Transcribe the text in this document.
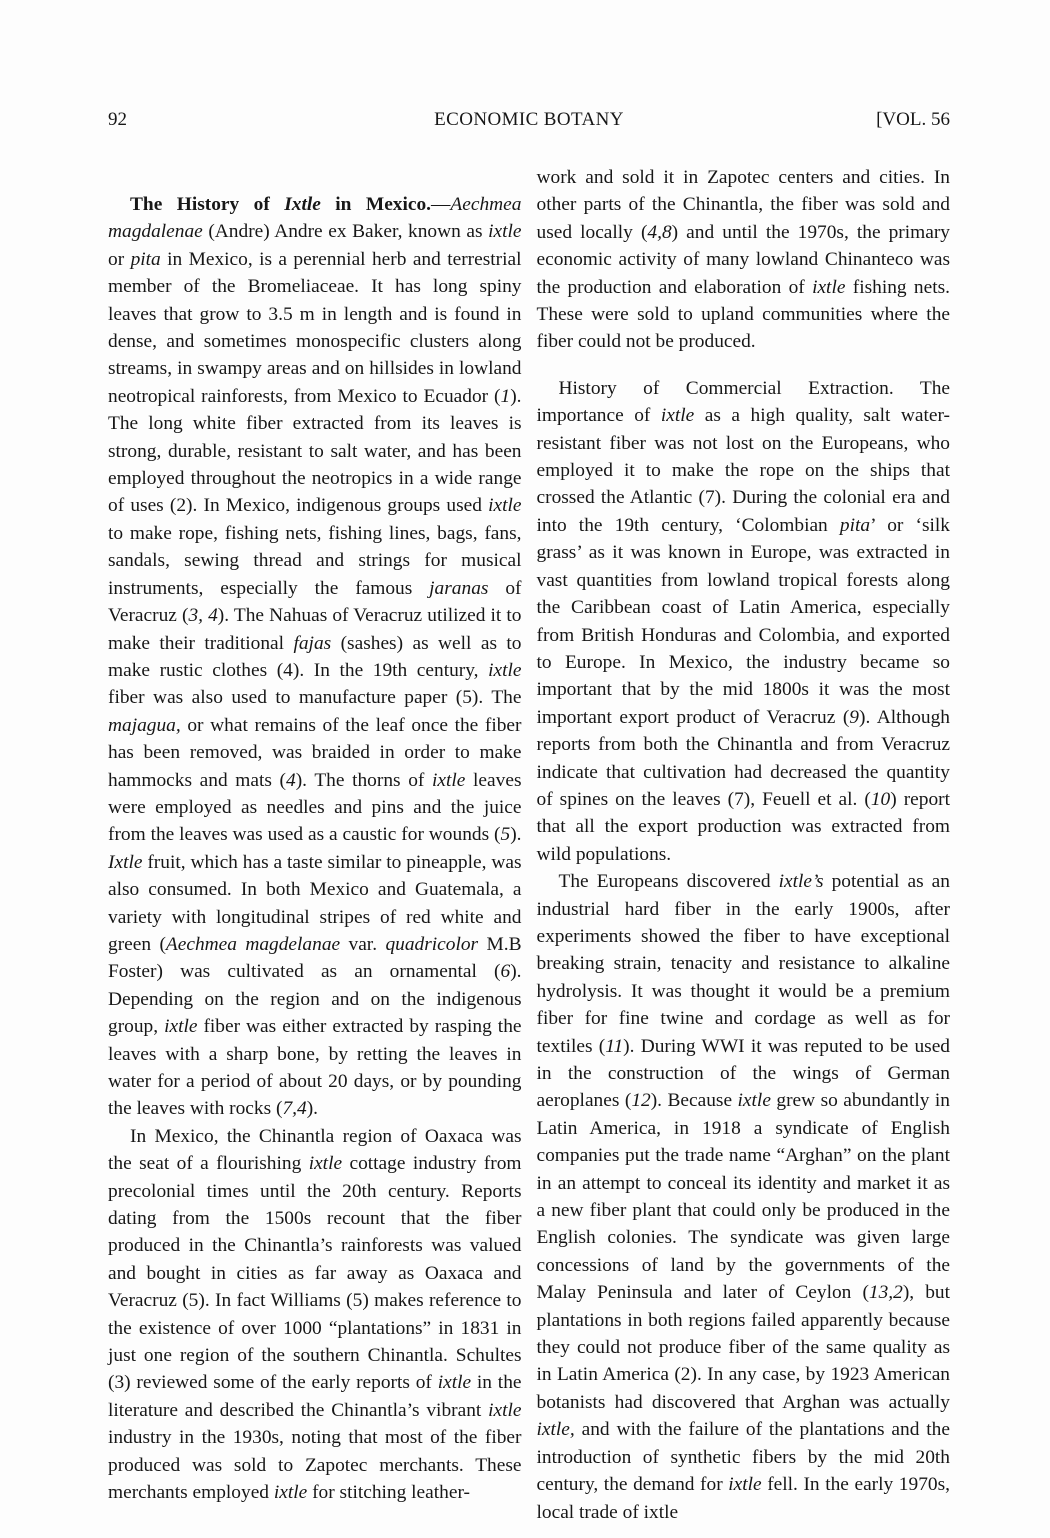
92	ECONOMIC BOTANY	[VOL. 56

The History of Ixtle in Mexico.—Aechmea magdalenae (Andre) Andre ex Baker, known as ixtle or pita in Mexico, is a perennial herb and terrestrial member of the Bromeliaceae. It has long spiny leaves that grow to 3.5 m in length and is found in dense, and sometimes monospecific clusters along streams, in swampy areas and on hillsides in lowland neotropical rainforests, from Mexico to Ecuador (1). The long white fiber extracted from its leaves is strong, durable, resistant to salt water, and has been employed throughout the neotropics in a wide range of uses (2). In Mexico, indigenous groups used ixtle to make rope, fishing nets, fishing lines, bags, fans, sandals, sewing thread and strings for musical instruments, especially the famous jaranas of Veracruz (3, 4). The Nahuas of Veracruz utilized it to make their traditional fajas (sashes) as well as to make rustic clothes (4). In the 19th century, ixtle fiber was also used to manufacture paper (5). The majagua, or what remains of the leaf once the fiber has been removed, was braided in order to make hammocks and mats (4). The thorns of ixtle leaves were employed as needles and pins and the juice from the leaves was used as a caustic for wounds (5). Ixtle fruit, which has a taste similar to pineapple, was also consumed. In both Mexico and Guatemala, a variety with longitudinal stripes of red white and green (Aechmea magdelanae var. quadricolor M.B Foster) was cultivated as an ornamental (6). Depending on the region and on the indigenous group, ixtle fiber was either extracted by rasping the leaves with a sharp bone, by retting the leaves in water for a period of about 20 days, or by pounding the leaves with rocks (7,4).

In Mexico, the Chinantla region of Oaxaca was the seat of a flourishing ixtle cottage industry from precolonial times until the 20th century. Reports dating from the 1500s recount that the fiber produced in the Chinantla’s rainforests was valued and bought in cities as far away as Oaxaca and Veracruz (5). In fact Williams (5) makes reference to the existence of over 1000 “plantations” in 1831 in just one region of the southern Chinantla. Schultes (3) reviewed some of the early reports of ixtle in the literature and described the Chinantla’s vibrant ixtle industry in the 1930s, noting that most of the fiber produced was sold to Zapotec merchants. These merchants employed ixtle for stitching leather-

work and sold it in Zapotec centers and cities. In other parts of the Chinantla, the fiber was sold and used locally (4,8) and until the 1970s, the primary economic activity of many lowland Chinanteco was the production and elaboration of ixtle fishing nets. These were sold to upland communities where the fiber could not be produced.

History of Commercial Extraction. The importance of ixtle as a high quality, salt water-resistant fiber was not lost on the Europeans, who employed it to make the rope on the ships that crossed the Atlantic (7). During the colonial era and into the 19th century, ‘Colombian pita’ or ‘silk grass’ as it was known in Europe, was extracted in vast quantities from lowland tropical forests along the Caribbean coast of Latin America, especially from British Honduras and Colombia, and exported to Europe. In Mexico, the industry became so important that by the mid 1800s it was the most important export product of Veracruz (9). Although reports from both the Chinantla and from Veracruz indicate that cultivation had decreased the quantity of spines on the leaves (7), Feuell et al. (10) report that all the export production was extracted from wild populations.

The Europeans discovered ixtle’s potential as an industrial hard fiber in the early 1900s, after experiments showed the fiber to have exceptional breaking strain, tenacity and resistance to alkaline hydrolysis. It was thought it would be a premium fiber for fine twine and cordage as well as for textiles (11). During WWI it was reputed to be used in the construction of the wings of German aeroplanes (12). Because ixtle grew so abundantly in Latin America, in 1918 a syndicate of English companies put the trade name “Arghan” on the plant in an attempt to conceal its identity and market it as a new fiber plant that could only be produced in the English colonies. The syndicate was given large concessions of land by the governments of the Malay Peninsula and later of Ceylon (13,2), but plantations in both regions failed apparently because they could not produce fiber of the same quality as in Latin America (2). In any case, by 1923 American botanists had discovered that Arghan was actually ixtle, and with the failure of the plantations and the introduction of synthetic fibers by the mid 20th century, the demand for ixtle fell. In the early 1970s, local trade of ixtle
